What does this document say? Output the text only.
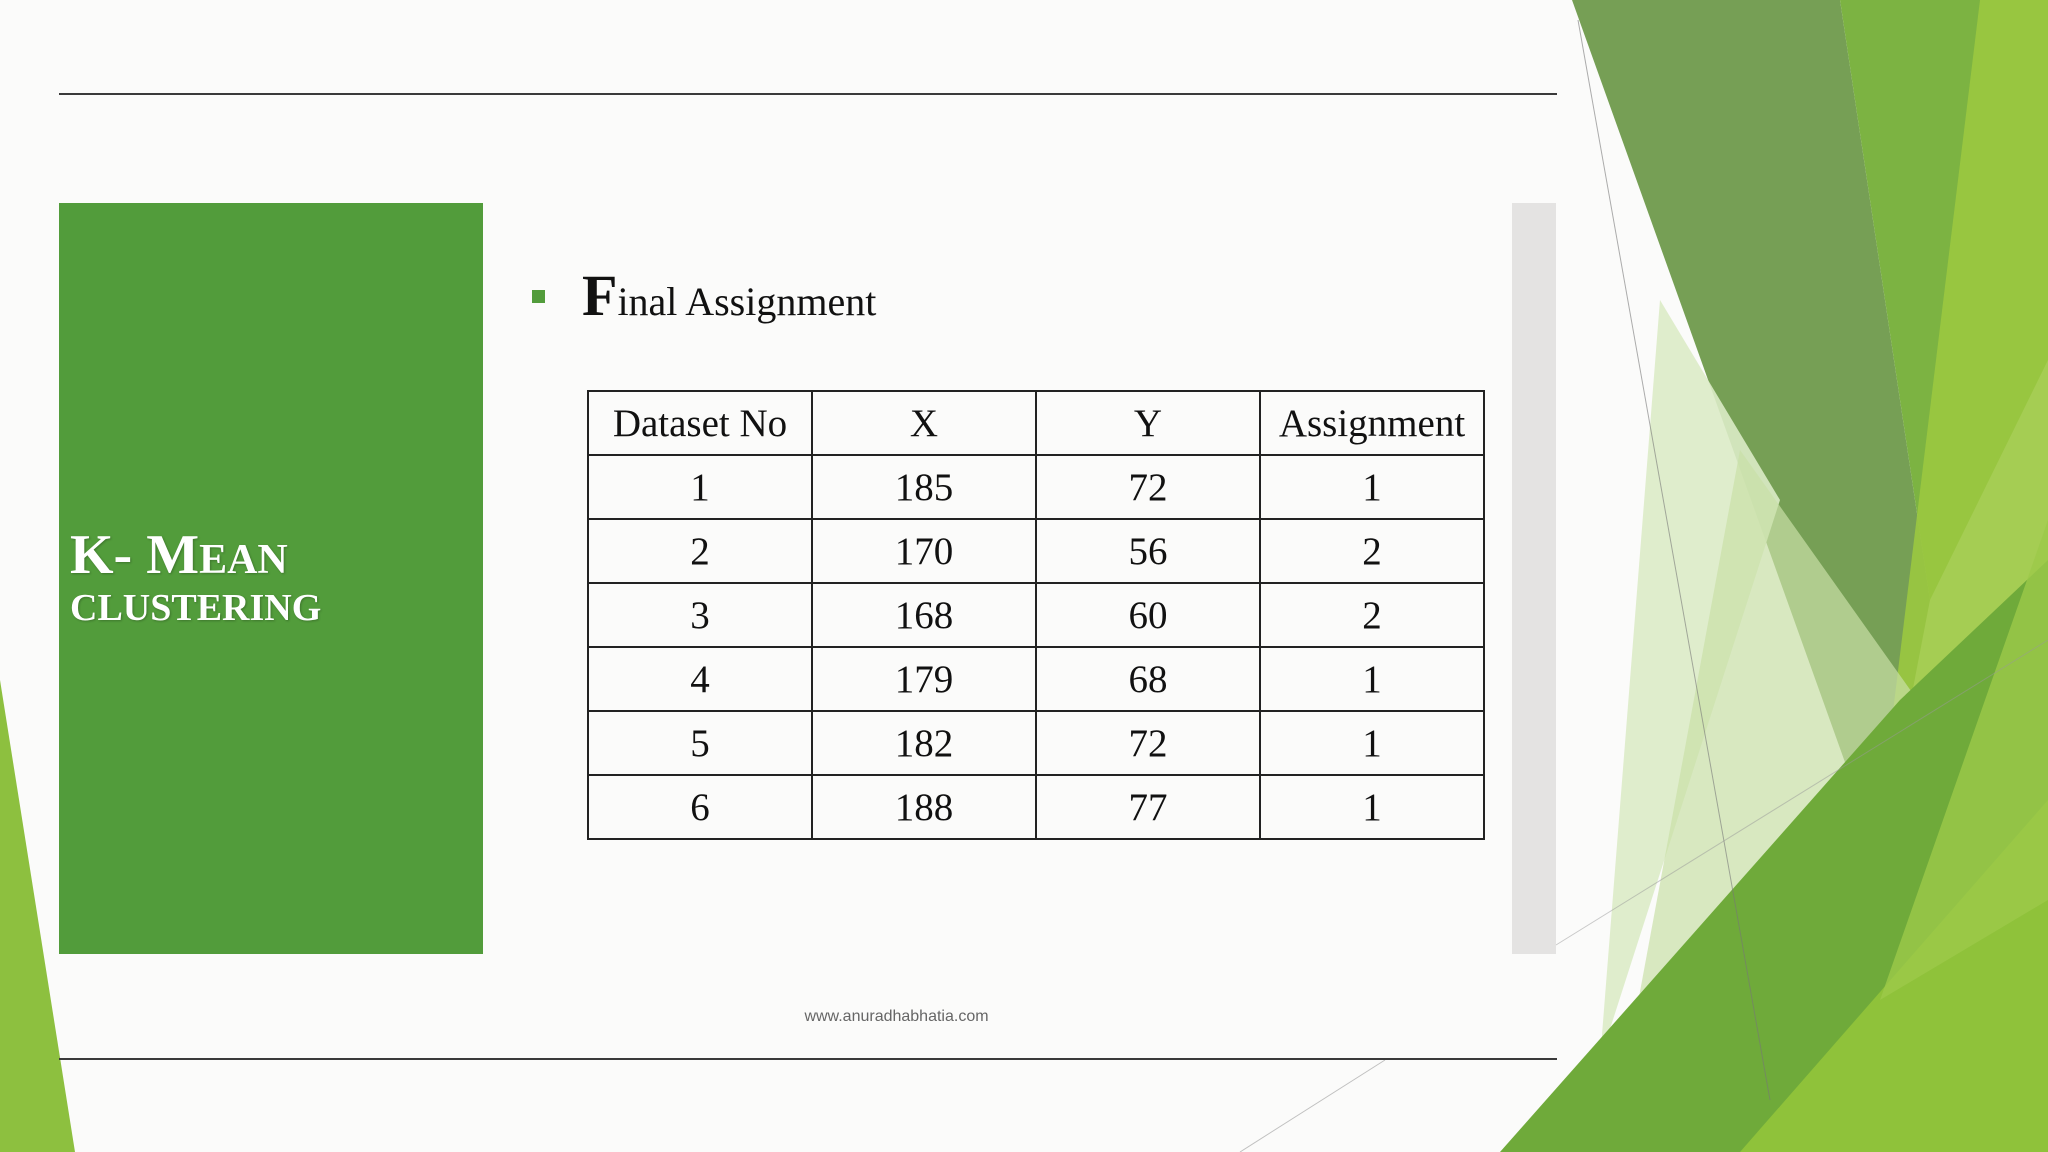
K- MEAN
CLUSTERING
Final Assignment
Dataset No	X	Y	Assignment
1	185	72	1
2	170	56	2
3	168	60	2
4	179	68	1
5	182	72	1
6	188	77	1
www.anuradhabhatia.com
